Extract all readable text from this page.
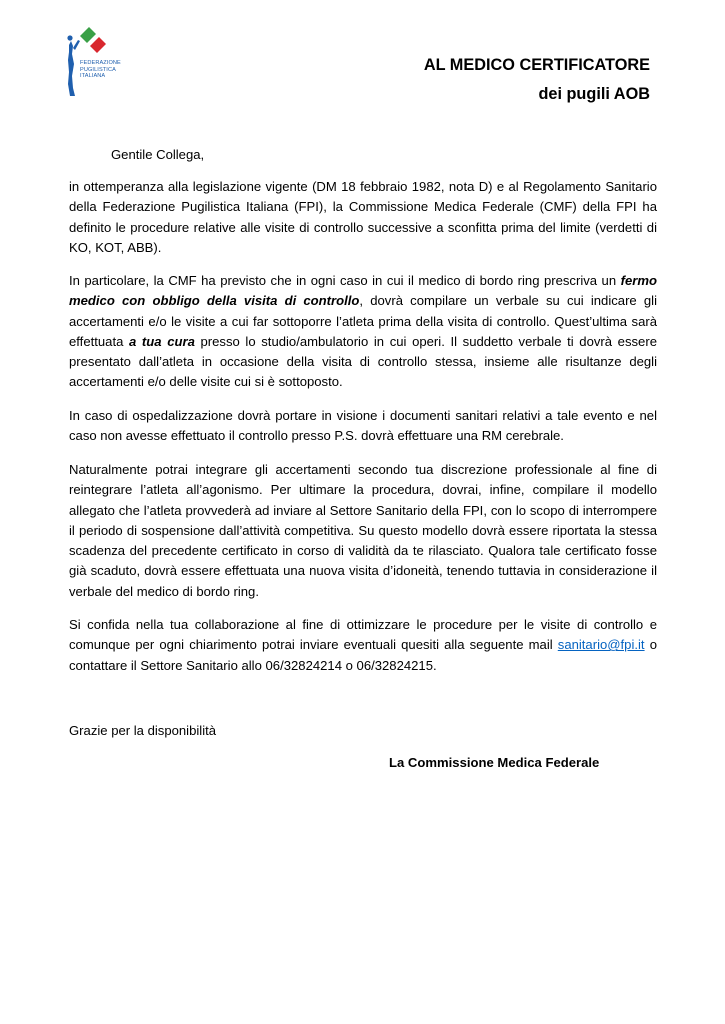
FEDERAZIONE
PUGILISTICA
ITALIANA
AL MEDICO CERTIFICATORE
dei pugili AOB
Gentile Collega,
in ottemperanza alla legislazione vigente (DM 18 febbraio 1982, nota D) e al Regolamento Sanitario della Federazione Pugilistica Italiana (FPI), la Commissione Medica Federale (CMF) della FPI ha definito le procedure relative alle visite di controllo successive a sconfitta prima del limite (verdetti di KO, KOT, ABB).
In particolare, la CMF ha previsto che in ogni caso in cui il medico di bordo ring prescriva un fermo medico con obbligo della visita di controllo, dovrà compilare un verbale su cui indicare gli accertamenti e/o le visite a cui far sottoporre l’atleta prima della visita di controllo. Quest’ultima sarà effettuata a tua cura presso lo studio/ambulatorio in cui operi. Il suddetto verbale ti dovrà essere presentato dall’atleta in occasione della visita di controllo stessa, insieme alle risultanze degli accertamenti e/o delle visite cui si è sottoposto.
In caso di ospedalizzazione dovrà portare in visione i documenti sanitari relativi a tale evento e nel caso non avesse effettuato il controllo presso P.S. dovrà effettuare una RM cerebrale.
Naturalmente potrai integrare gli accertamenti secondo tua discrezione professionale al fine di reintegrare l’atleta all’agonismo. Per ultimare la procedura, dovrai, infine, compilare il modello allegato che l’atleta provvederà ad inviare al Settore Sanitario della FPI, con lo scopo di interrompere il periodo di sospensione dall’attività competitiva. Su questo modello dovrà essere riportata la stessa scadenza del precedente certificato in corso di validità da te rilasciato. Qualora tale certificato fosse già scaduto, dovrà essere effettuata una nuova visita d’idoneità, tenendo tuttavia in considerazione il verbale del medico di bordo ring.
Si confida nella tua collaborazione al fine di ottimizzare le procedure per le visite di controllo e comunque per ogni chiarimento potrai inviare eventuali quesiti alla seguente mail sanitario@fpi.it o contattare il Settore Sanitario allo 06/32824214 o 06/32824215.
Grazie per la disponibilità
La Commissione Medica Federale
